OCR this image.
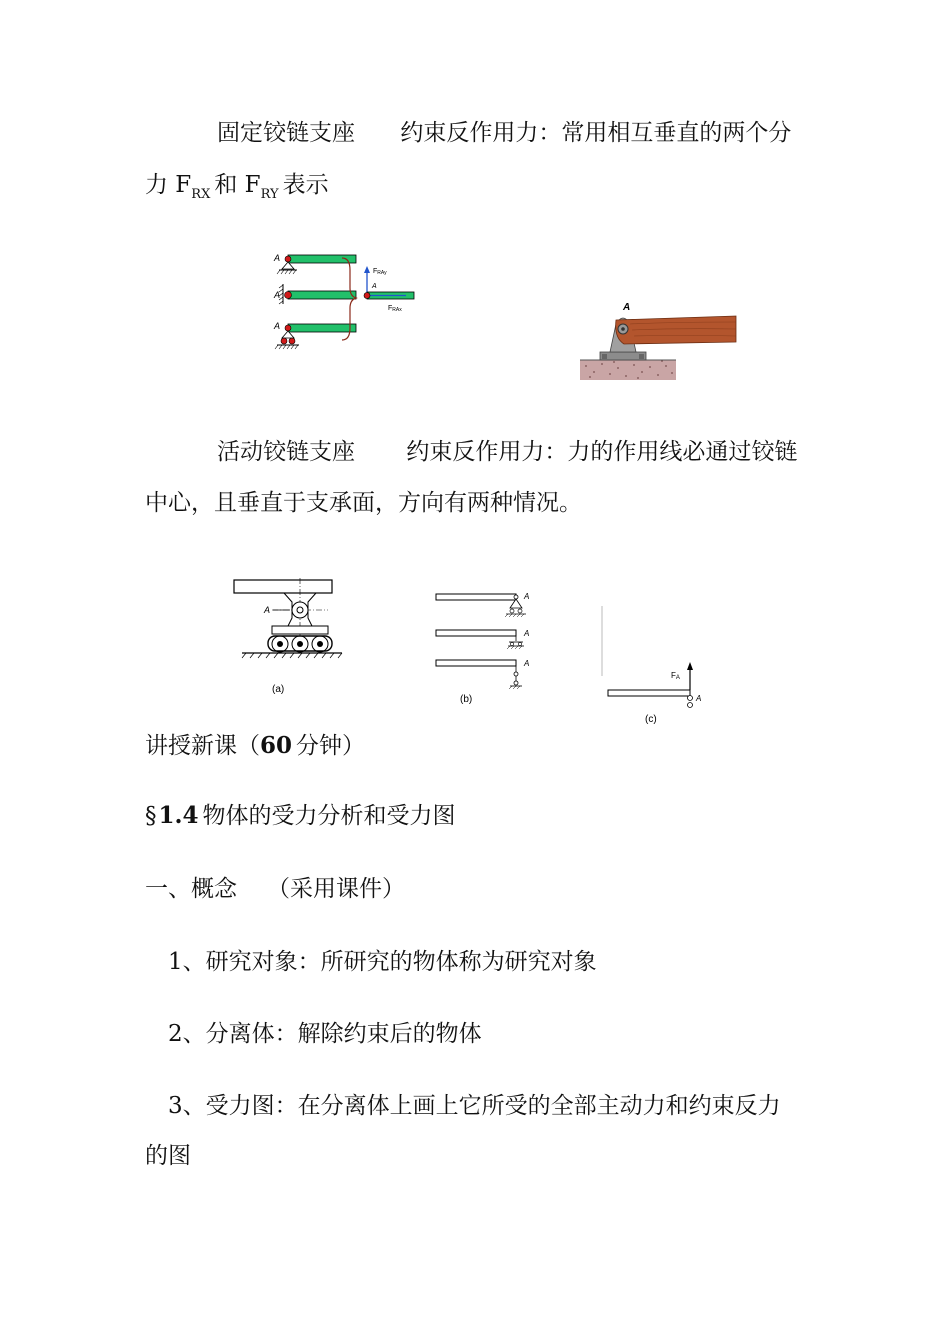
固定铰链支座 约束反作用力：常用相互垂直的两个分
力 $F_{RX}$ 和 $F_{RY}$ 表示
A
A
A
FRAy
A
FRAx	A
活动铰链支座 约束反作用力：力的作用线必通过铰链
中心，且垂直于支承面，方向有两种情况。
A
(a)
A
A
A
(b)
FA
A
(c)
讲授新课（60 分钟）
§1.4 物体的受力分析和受力图
一、概念 （采用课件）
1、研究对象：所研究的物体称为研究对象
2、分离体：解除约束后的物体
3、受力图：在分离体上画上它所受的全部主动力和约束反力
的图
